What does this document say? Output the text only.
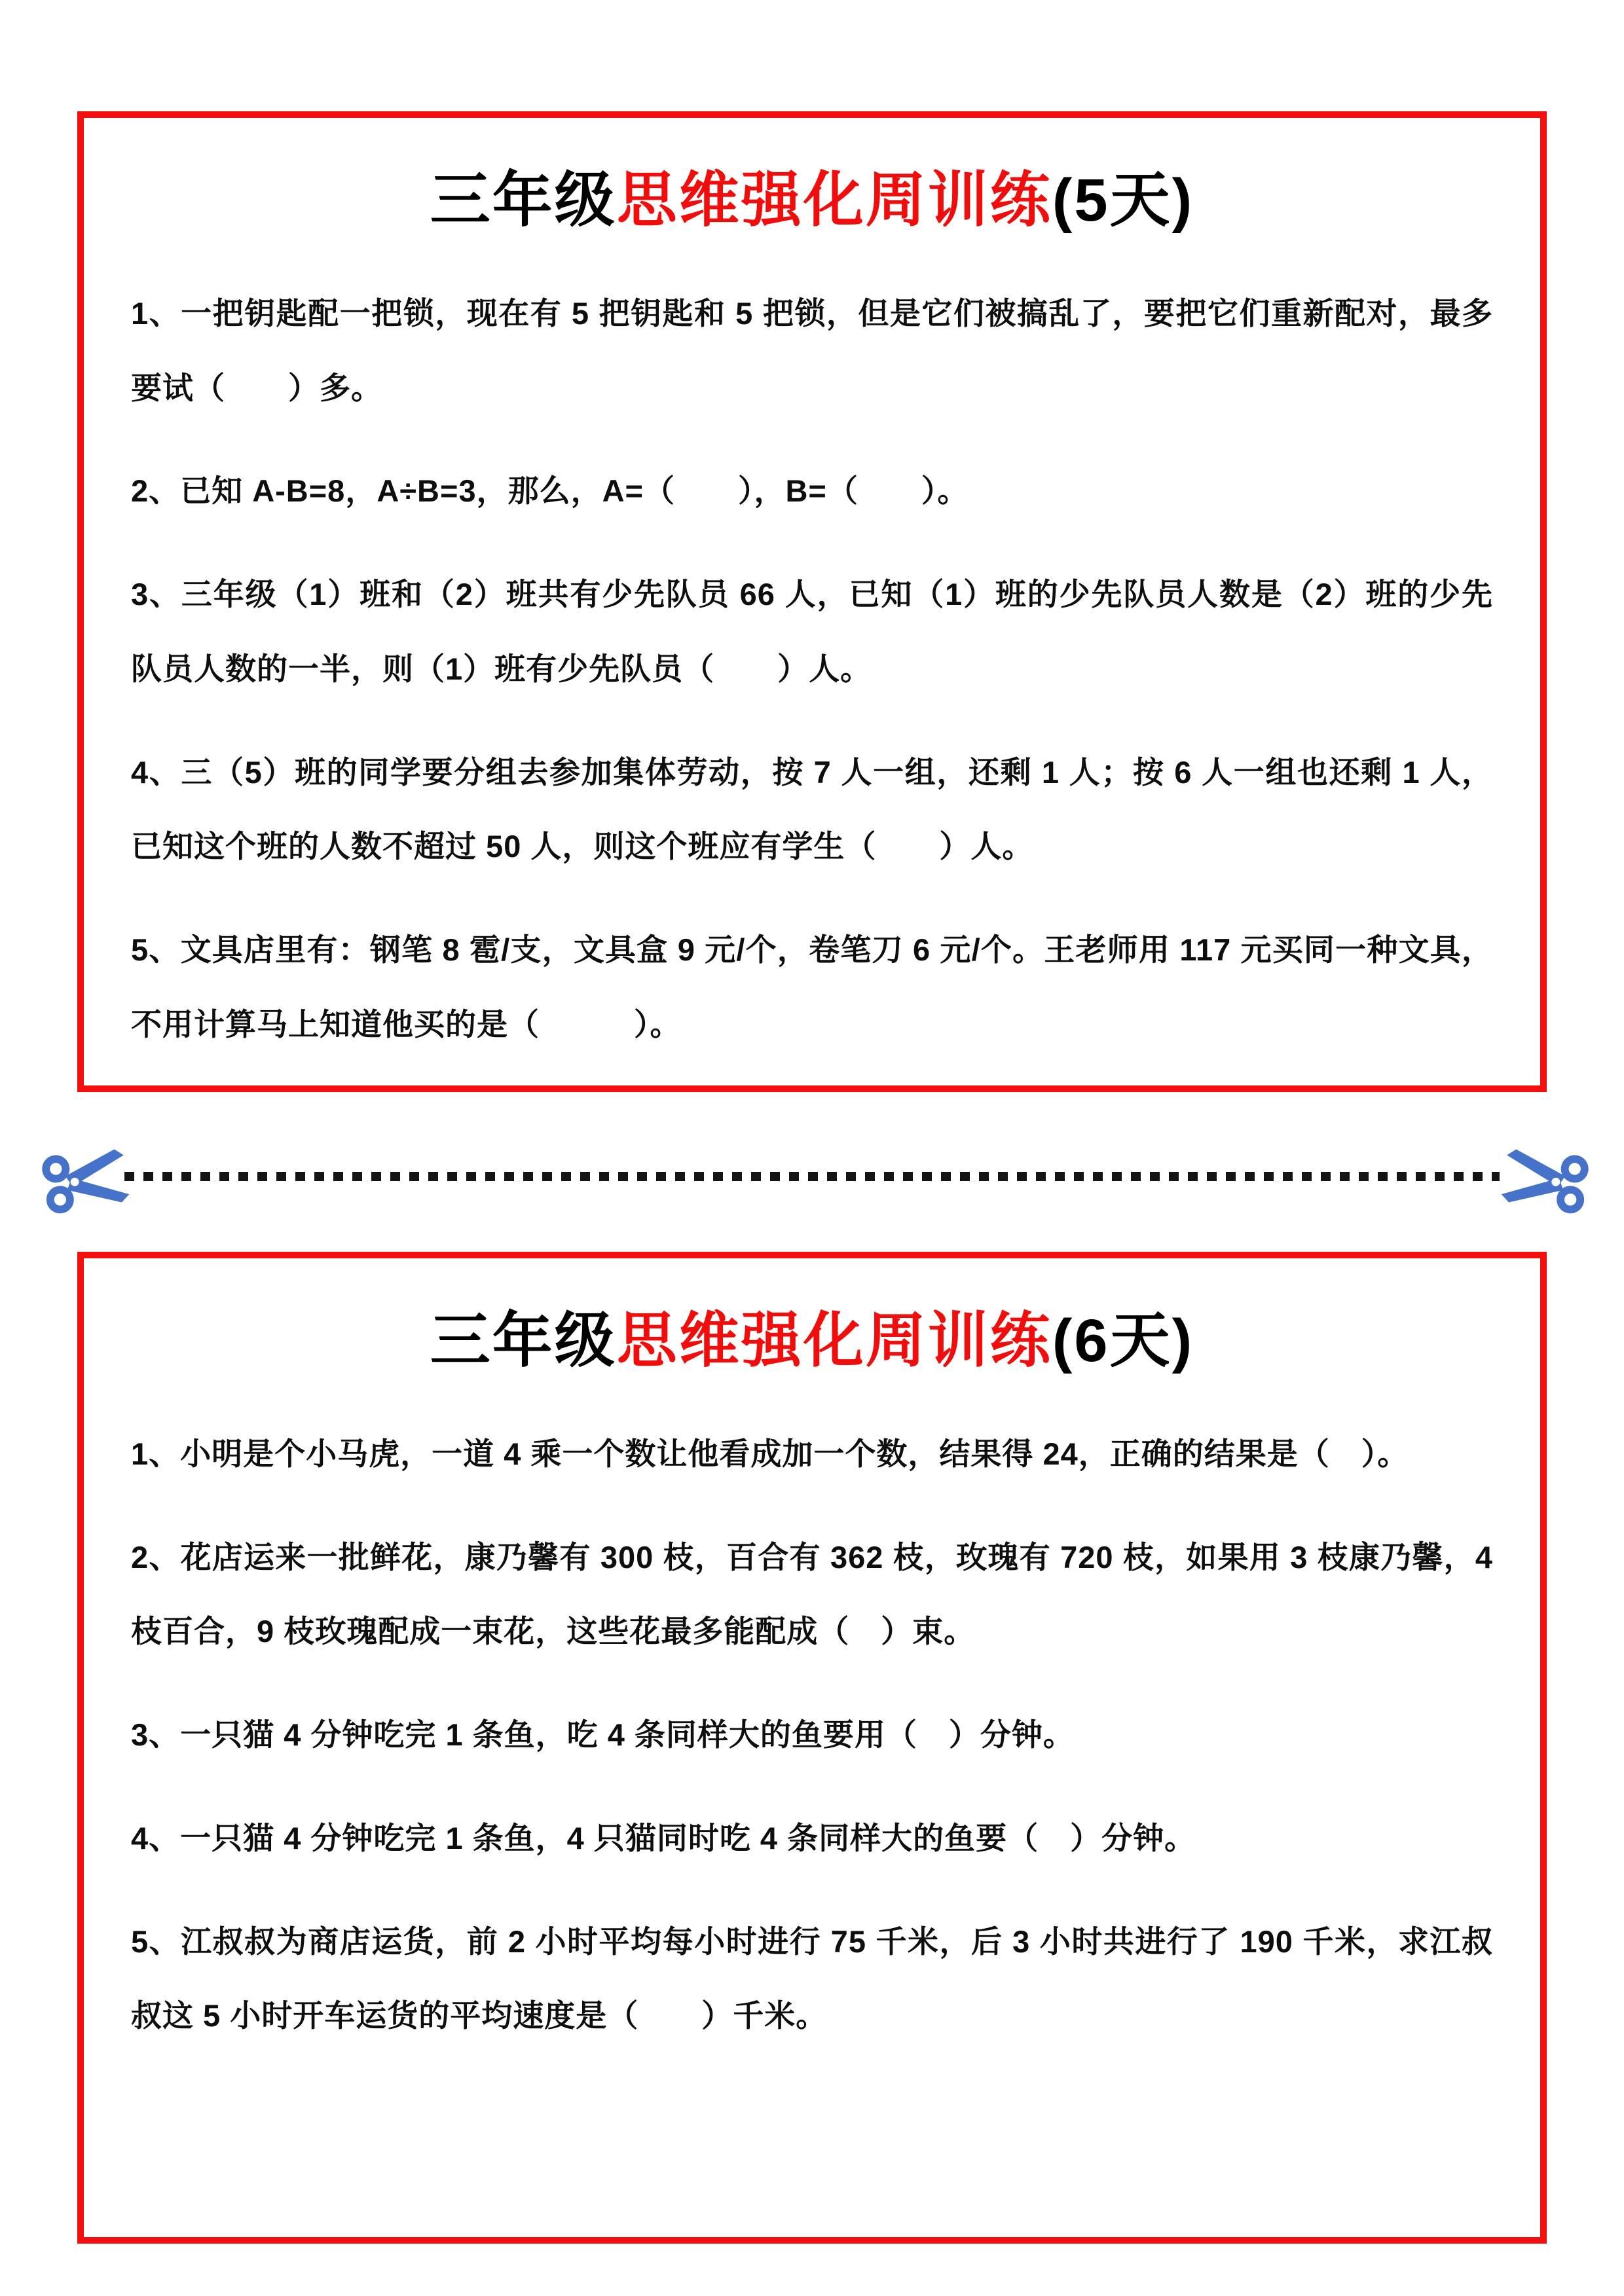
三年级思维强化周训练(5天)

1、一把钥匙配一把锁，现在有 5 把钥匙和 5 把锁，但是它们被搞乱了，要把它们重新配对，最多要试（　　）多。

2、已知 A-B=8，A÷B=3，那么，A=（　　），B=（　　）。

3、三年级（1）班和（2）班共有少先队员 66 人，已知（1）班的少先队员人数是（2）班的少先队员人数的一半，则（1）班有少先队员（　　）人。

4、三（5）班的同学要分组去参加集体劳动，按 7 人一组，还剩 1 人；按 6 人一组也还剩 1 人，已知这个班的人数不超过 50 人，则这个班应有学生（　　）人。

5、文具店里有：钢笔 8 雹/支，文具盒 9 元/个，卷笔刀 6 元/个。王老师用 117 元买同一种文具，不用计算马上知道他买的是（　　　）。

三年级思维强化周训练(6天)

1、小明是个小马虎，一道 4 乘一个数让他看成加一个数，结果得 24，正确的结果是（　）。

2、花店运来一批鲜花，康乃馨有 300 枝，百合有 362 枝，玫瑰有 720 枝，如果用 3 枝康乃馨，4 枝百合，9 枝玫瑰配成一束花，这些花最多能配成（　）束。

3、一只猫 4 分钟吃完 1 条鱼，吃 4 条同样大的鱼要用（　）分钟。

4、一只猫 4 分钟吃完 1 条鱼，4 只猫同时吃 4 条同样大的鱼要（　）分钟。

5、江叔叔为商店运货，前 2 小时平均每小时进行 75 千米，后 3 小时共进行了 190 千米，求江叔叔这 5 小时开车运货的平均速度是（　　）千米。
